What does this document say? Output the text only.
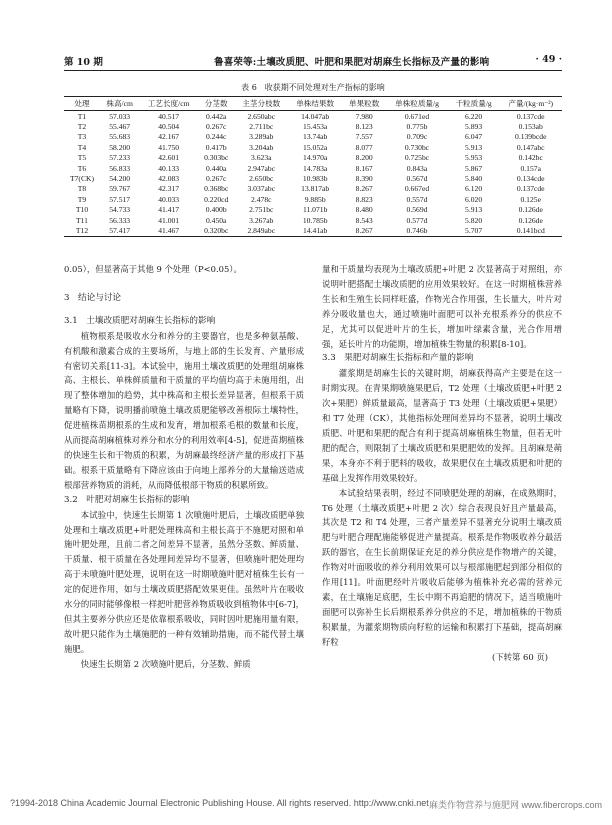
第 10 期	鲁喜荣等:土壤改质肥、叶肥和果肥对胡麻生长指标及产量的影响	· 49 ·
表 6　收获期不同处理对生产指标的影响
处理	株高/cm	工艺长度/cm	分茎数	主茎分枝数	单株结果数	单果粒数	单株粒质量/g	千粒质量/g	产量/(kg·m⁻²)
T1	57.033	40.517	0.442a	2.650abc	14.047ab	7.980	0.671ed	6.220	0.137cde
T2	55.467	40.504	0.267c	2.711bc	15.453a	8.123	0.775b	5.893	0.153ab
T3	55.683	42.167	0.244c	3.289ab	13.74ab	7.557	0.709c	6.047	0.139bcde
T4	58.200	41.750	0.417b	3.204ab	15.052a	8.077	0.730bc	5.913	0.147abc
T5	57.233	42.601	0.303bc	3.623a	14.970a	8.200	0.725bc	5.953	0.142bc
T6	56.833	40.133	0.440a	2.947abc	14.783a	8.167	0.843a	5.867	0.157a
T7(CK)	54.200	42.083	0.267c	2.650bc	10.983b	8.390	0.567d	5.840	0.134cde
T8	59.767	42.317	0.368bc	3.037abc	13.817ab	8.267	0.667ed	6.120	0.137cde
T9	57.517	40.033	0.220cd	2.478c	9.885b	8.823	0.557d	6.020	0.125e
T10	54.733	41.417	0.400b	2.751bc	11.071b	8.480	0.569d	5.913	0.126de
T11	56.333	41.001	0.450a	3.267ab	10.785b	8.543	0.577d	5.820	0.126de
T12	57.417	41.467	0.320bc	2.849abc	14.41ab	8.267	0.746b	5.707	0.141bcd

0.05），但显著高于其他 9 个处理（P<0.05）。

3　结论与讨论

3.1　土壤改质肥对胡麻生长指标的影响

植物根系是吸收水分和养分的主要器官，也是多种氨基酸、有机酸和激素合成的主要场所，与地上部的生长发育、产量形成有密切关系[11-3]。本试验中，施用土壤改质肥的处理组胡麻株高、主根长、单株鲜质量和干质量的平均值均高于未施用组，出现了整体增加的趋势，其中株高和主根长差异显著，但根系干质量略有下降，说明播前喷施土壤改质肥能够改善根际土壤特性，促进植株苗期根系的生成和发育，增加根系毛根的数量和长度，从而提高胡麻植株对养分和水分的利用效率[4-5]，促进苗期植株的快速生长和干物质的积累，为胡麻最终经济产量的形成打下基础。根系干质量略有下降应该由于向地上部养分的大量输送造成根部营养物质的消耗，从而降低根部干物质的积累所致。

3.2　叶肥对胡麻生长指标的影响

本试验中，快速生长期第 1 次喷施叶肥后，土壤改质肥单独处理和土壤改质肥+叶肥处理株高和主根长高于不施肥对照和单施叶肥处理，且前二者之间差异不显著，虽然分茎数、鲜质量、干质量、根干质量在各处理间差异均不显著，但喷施叶肥处理均高于未喷施叶肥处理，说明在这一时期喷施叶肥对植株生长有一定的促进作用，如与土壤改质肥搭配效果更佳。虽然叶片在吸收水分的同时能够像根一样把叶肥营养物质吸收到植物体中[6-7]，但其主要养分供应还是依靠根系吸收，同时因叶肥施用量有限，故叶肥只能作为土壤施肥的一种有效辅助措施，而不能代替土壤施肥。

快速生长期第 2 次喷施叶肥后，分茎数、鲜质

量和干质量均表现为土壤改质肥+叶肥 2 次显著高于对照组，亦说明叶肥搭配土壤改质肥的应用效果较好。在这一时期植株营养生长和生殖生长同样旺盛，作物光合作用强，生长量大，叶片对养分吸收量也大，通过喷施叶面肥可以补充根系养分的供应不足，尤其可以促进叶片的生长，增加叶绿素含量，光合作用增强，延长叶片的功能期，增加植株生物量的积累[8-10]。

3.3　果肥对胡麻生长指标和产量的影响

灌浆期是胡麻生长的关键时期，胡麻获得高产主要是在这一时期实现。在青果期喷施果肥后，T2 处理（土壤改质肥+叶肥 2 次+果肥）鲜质量最高，显著高于 T3 处理（土壤改质肥+果肥）和 T7 处理（CK），其他指标处理间差异均不显著，说明土壤改质肥、叶肥和果肥的配合有利于提高胡麻植株生物量，但若无叶肥的配合，则限制了土壤改质肥和果肥肥效的发挥。且胡麻是蒴果，本身亦不利于肥料的吸收，故果肥仅在土壤改质肥和叶肥的基础上发挥作用效果较好。

本试验结果表明，经过不同喷肥处理的胡麻，在成熟期时，T6 处理（土壤改质肥+叶肥 2 次）综合表现良好且产量最高，其次是 T2 和 T4 处理，三者产量差异不显著充分说明土壤改质肥与叶肥合理配施能够促进产量提高。根系是作物吸收养分最活跃的器官，在生长前期保证充足的养分供应是作物增产的关键，作物对叶面吸收的养分利用效果可以与根部施肥起到部分相似的作用[11]。叶面肥经叶片吸收后能够为植株补充必需的营养元素，在土壤施足底肥，生长中期不再追肥的情况下，适当喷施叶面肥可以弥补生长后期根系养分供应的不足，增加植株的干物质积累量，为灌浆期物质向籽粒的运输和积累打下基础，提高胡麻籽粒

(下转第 60 页)

?1994-2018 China Academic Journal Electronic Publishing House. All rights reserved. http://www.cnki.net 麻类作物营养与施肥网 www.fibercrops.com
